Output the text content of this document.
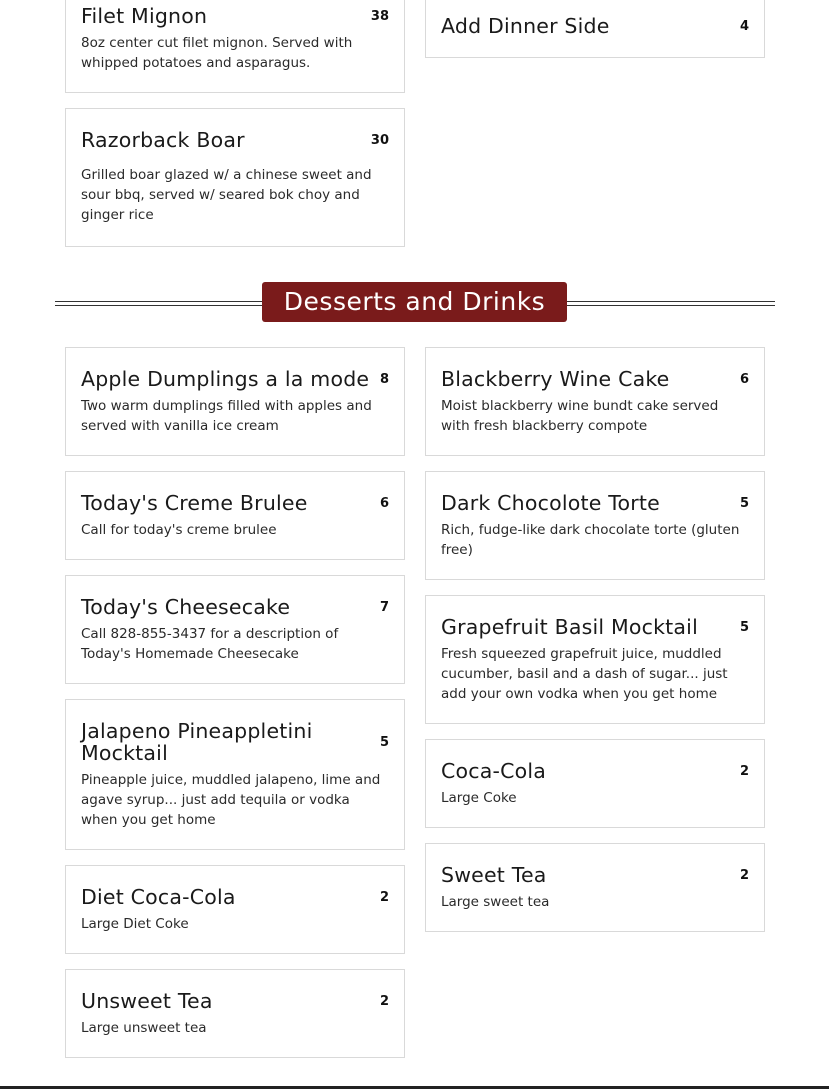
Filet Mignon	38
8oz center cut filet mignon. Served with whipped potatoes and asparagus.
Add Dinner Side	4
Razorback Boar	30
Grilled boar glazed w/ a chinese sweet and sour bbq, served w/ seared bok choy and ginger rice
Desserts and Drinks
Apple Dumplings a la mode 8
Two warm dumplings filled with apples and served with vanilla ice cream
Today's Creme Brulee	6
Call for today's creme brulee
Today's Cheesecake	7
Call 828-855-3437 for a description of Today's Homemade Cheesecake
Jalapeno Pineappletini Mocktail	5
Pineapple juice, muddled jalapeno, lime and agave syrup... just add tequila or vodka when you get home
Diet Coca-Cola	2
Large Diet Coke
Unsweet Tea	2
Large unsweet tea
Blackberry Wine Cake	6
Moist blackberry wine bundt cake served with fresh blackberry compote
Dark Chocolote Torte	5
Rich, fudge-like dark chocolate torte (gluten free)
Grapefruit Basil Mocktail	5
Fresh squeezed grapefruit juice, muddled cucumber, basil and a dash of sugar... just add your own vodka when you get home
Coca-Cola	2
Large Coke
Sweet Tea	2
Large sweet tea
